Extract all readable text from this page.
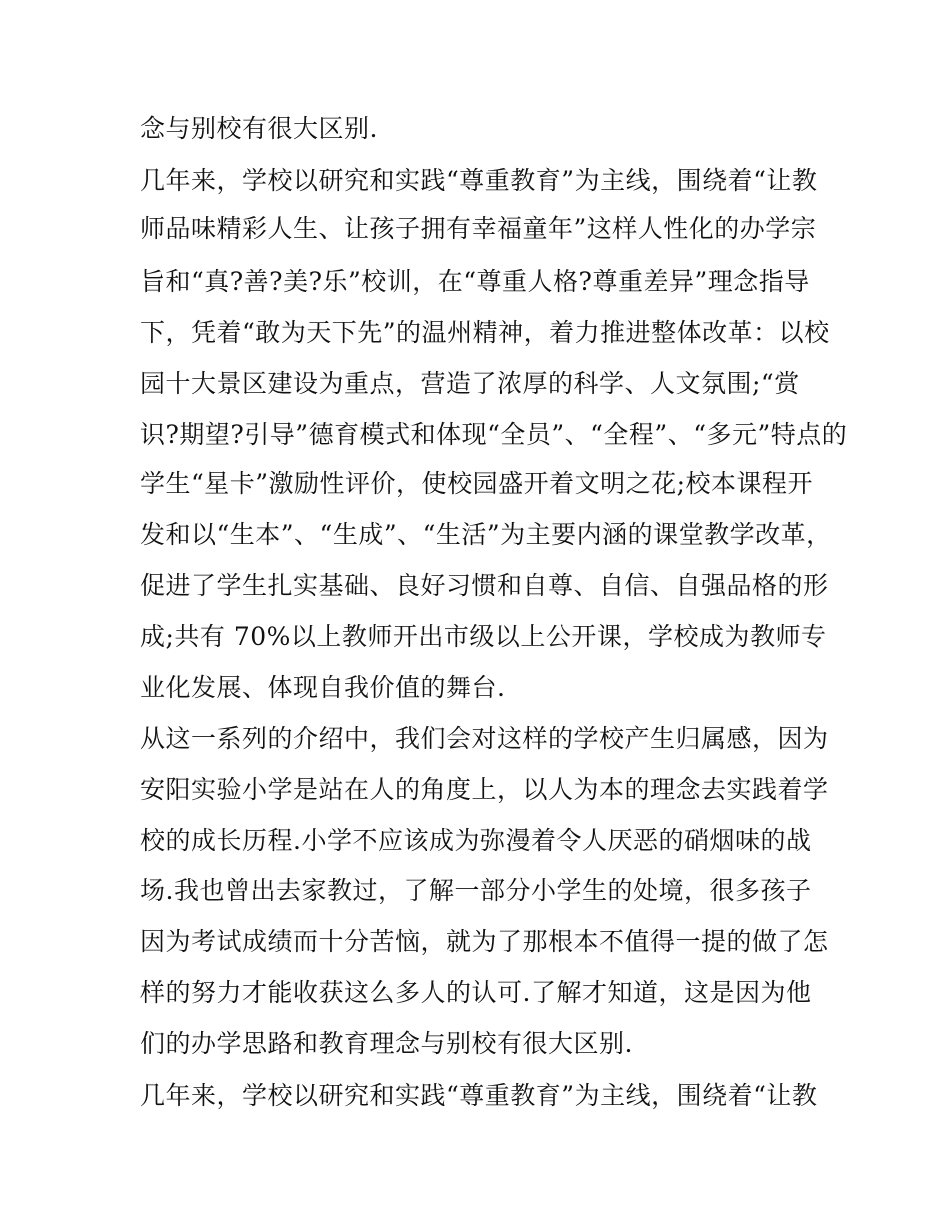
念与别校有很大区别.
几年来，学校以研究和实践“尊重教育”为主线，围绕着“让教
师品味精彩人生、让孩子拥有幸福童年”这样人性化的办学宗
旨和“真?善?美?乐”校训，在“尊重人格?尊重差异”理念指导
下，凭着“敢为天下先”的温州精神，着力推进整体改革：以校
园十大景区建设为重点，营造了浓厚的科学、人文氛围;“赏
识?期望?引导”德育模式和体现“全员”、“全程”、“多元”特点的
学生“星卡”激励性评价，使校园盛开着文明之花;校本课程开
发和以“生本”、“生成”、“生活”为主要内涵的课堂教学改革，
促进了学生扎实基础、良好习惯和自尊、自信、自强品格的形
成;共有 70%以上教师开出市级以上公开课，学校成为教师专
业化发展、体现自我价值的舞台.
从这一系列的介绍中，我们会对这样的学校产生归属感，因为
安阳实验小学是站在人的角度上，以人为本的理念去实践着学
校的成长历程.小学不应该成为弥漫着令人厌恶的硝烟味的战
场.我也曾出去家教过，了解一部分小学生的处境，很多孩子
因为考试成绩而十分苦恼，就为了那根本不值得一提的做了怎
样的努力才能收获这么多人的认可.了解才知道，这是因为他
们的办学思路和教育理念与别校有很大区别.
几年来，学校以研究和实践“尊重教育”为主线，围绕着“让教
